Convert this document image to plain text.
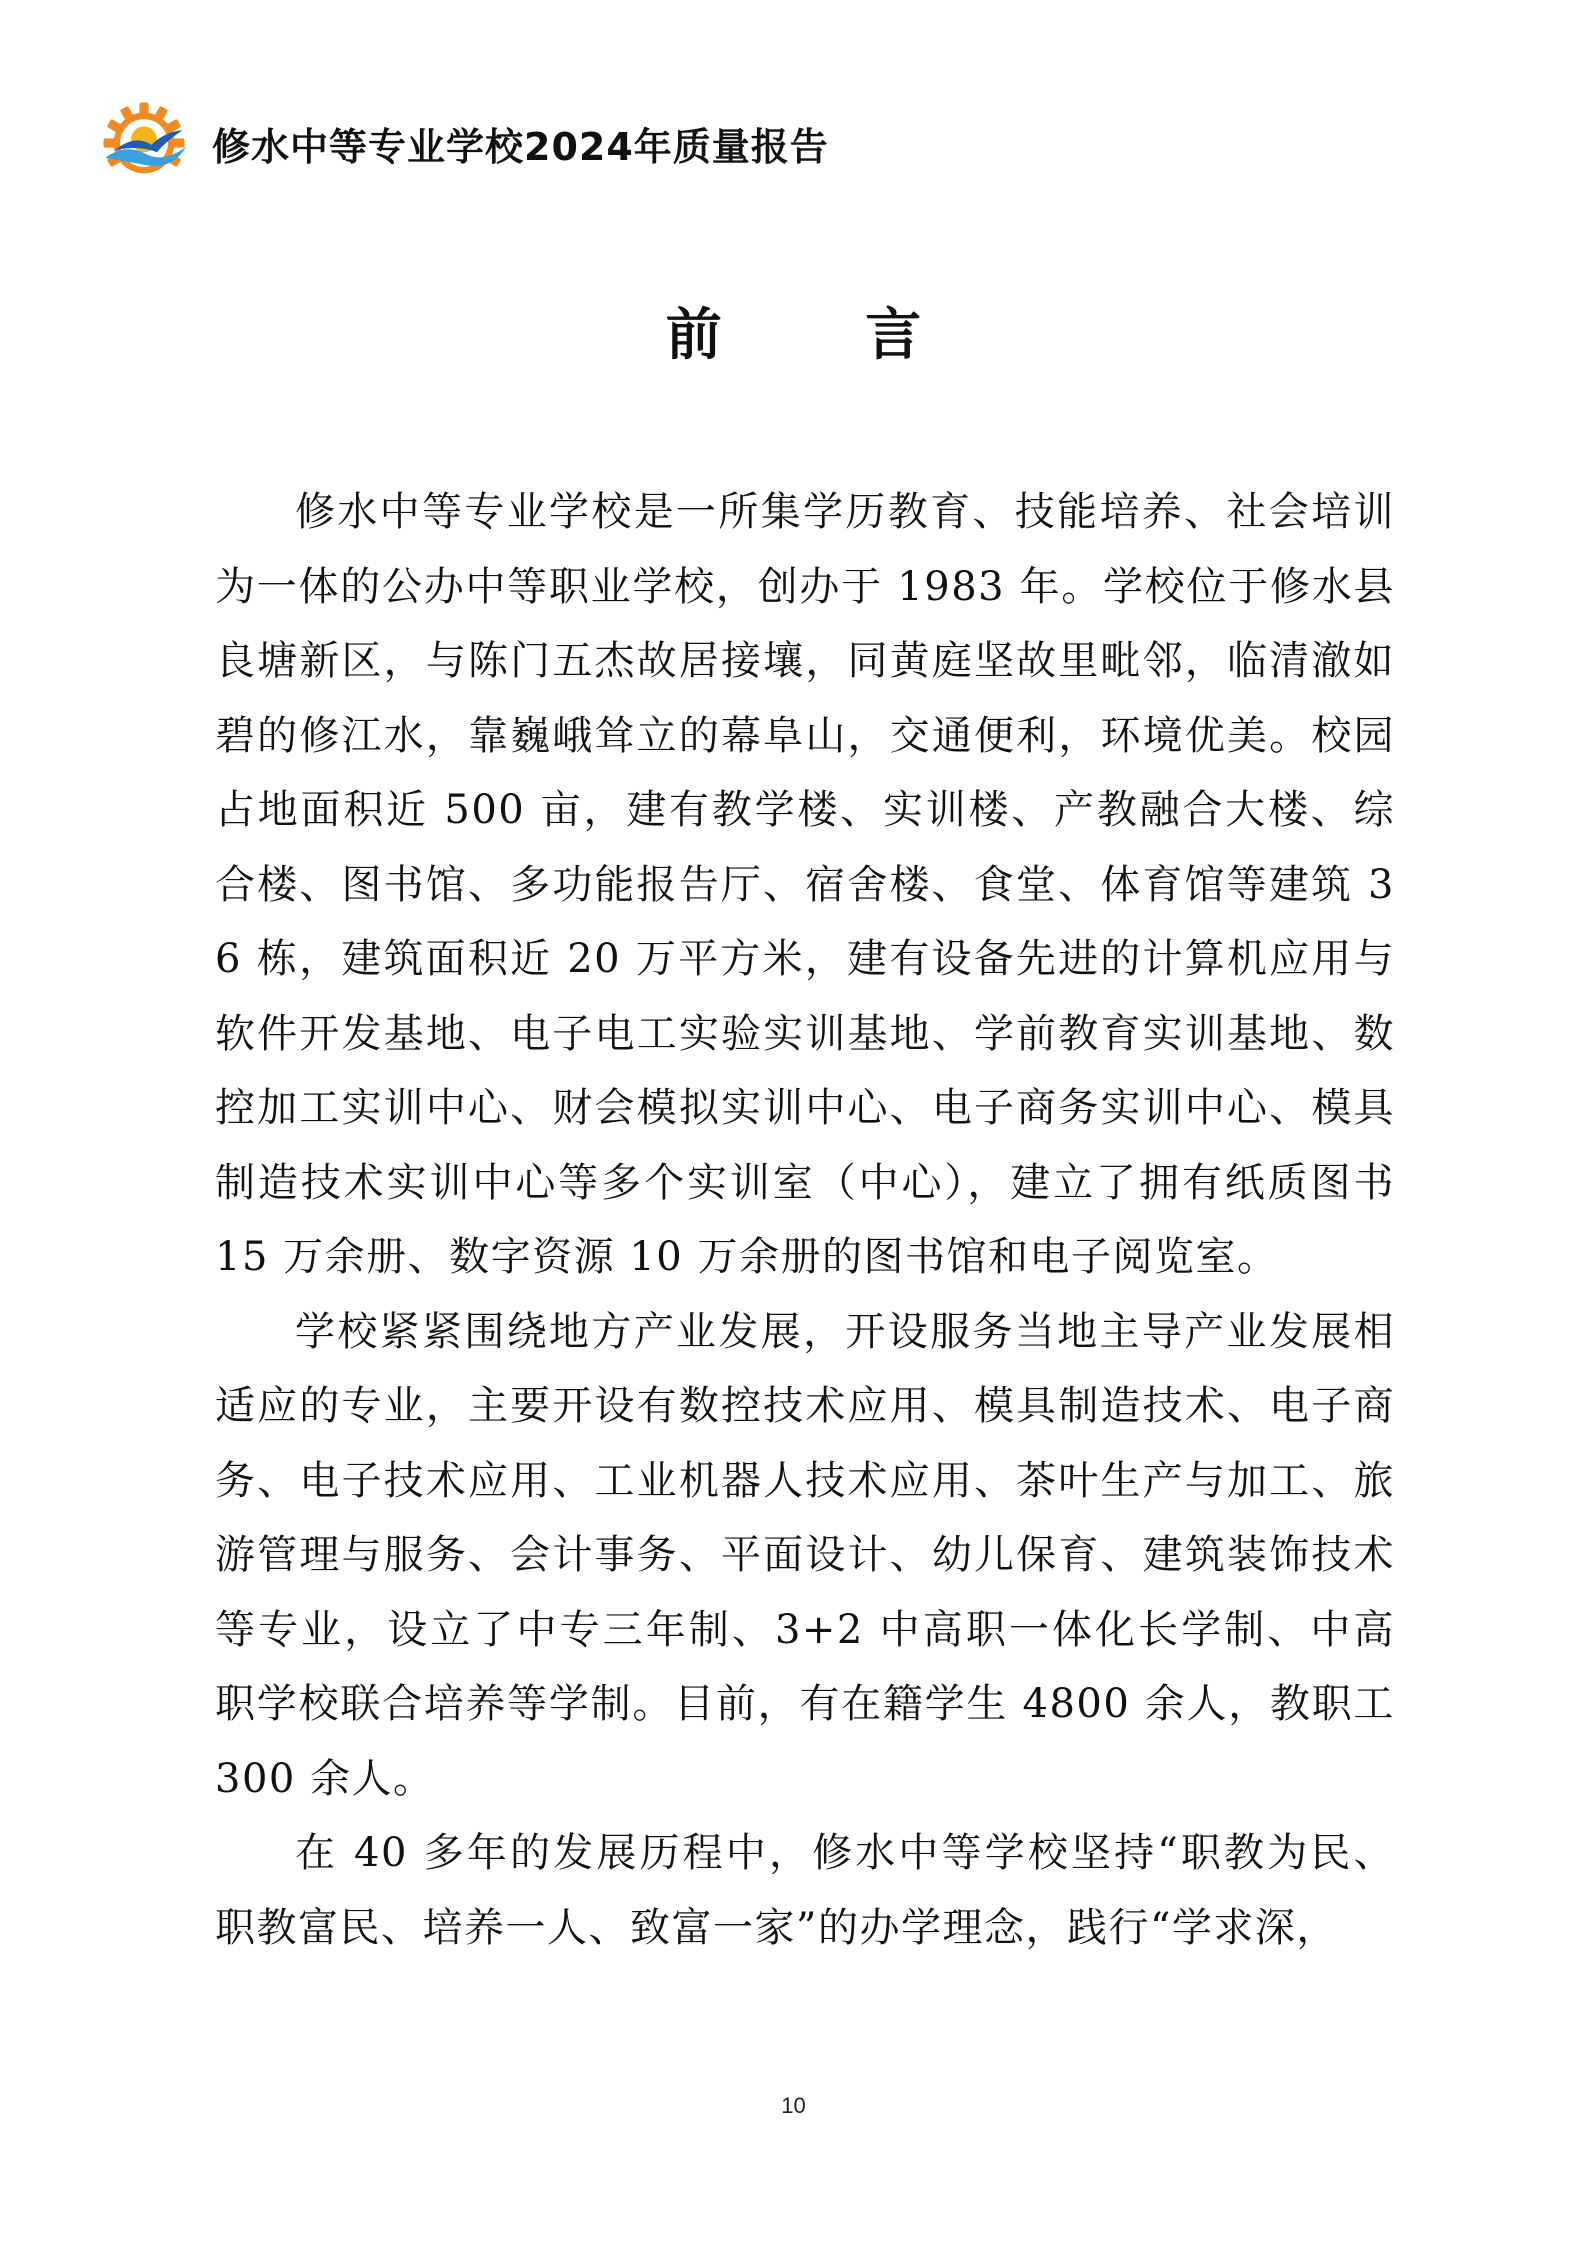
修水中等专业学校2024年质量报告
前 言

修水中等专业学校是一所集学历教育、技能培养、社会培训为一体的公办中等职业学校，创办于 1983 年。学校位于修水县良塘新区，与陈门五杰故居接壤，同黄庭坚故里毗邻，临清澈如碧的修江水，靠巍峨耸立的幕阜山，交通便利，环境优美。校园占地面积近 500 亩，建有教学楼、实训楼、产教融合大楼、综合楼、图书馆、多功能报告厅、宿舍楼、食堂、体育馆等建筑 36 栋，建筑面积近 20 万平方米，建有设备先进的计算机应用与软件开发基地、电子电工实验实训基地、学前教育实训基地、数控加工实训中心、财会模拟实训中心、电子商务实训中心、模具制造技术实训中心等多个实训室（中心），建立了拥有纸质图书 15 万余册、数字资源 10 万余册的图书馆和电子阅览室。

学校紧紧围绕地方产业发展，开设服务当地主导产业发展相适应的专业，主要开设有数控技术应用、模具制造技术、电子商务、电子技术应用、工业机器人技术应用、茶叶生产与加工、旅游管理与服务、会计事务、平面设计、幼儿保育、建筑装饰技术等专业，设立了中专三年制、3+2 中高职一体化长学制、中高职学校联合培养等学制。目前，有在籍学生 4800 余人，教职工 300 余人。

在 40 多年的发展历程中，修水中等学校坚持“职教为民、职教富民、培养一人、致富一家”的办学理念，践行“学求深，

10
